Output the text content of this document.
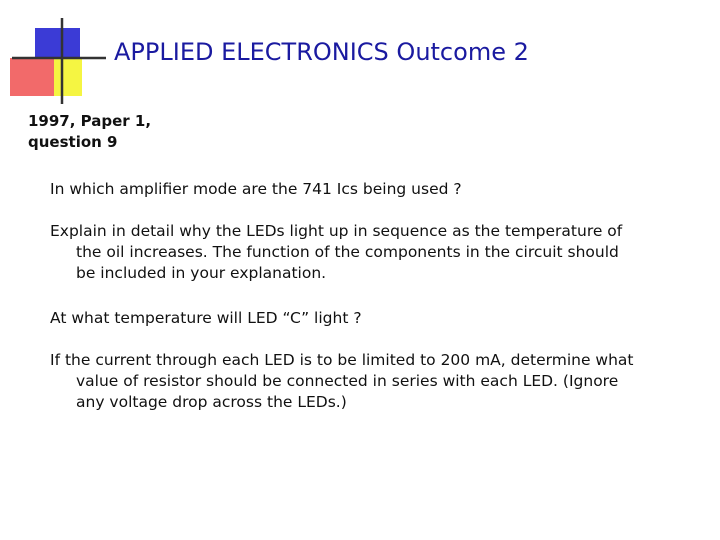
APPLIED ELECTRONICS Outcome 2
1997, Paper 1,
question 9
In which amplifier mode are the 741 Ics being used ?
Explain in detail why the LEDs light up in sequence as the temperature of
the oil increases. The function of the components in the circuit should
be included in your explanation.
At what temperature will LED “C” light ?
If the current through each LED is to be limited to 200 mA, determine what
value of resistor should be connected in series with each LED. (Ignore
any voltage drop across the LEDs.)
